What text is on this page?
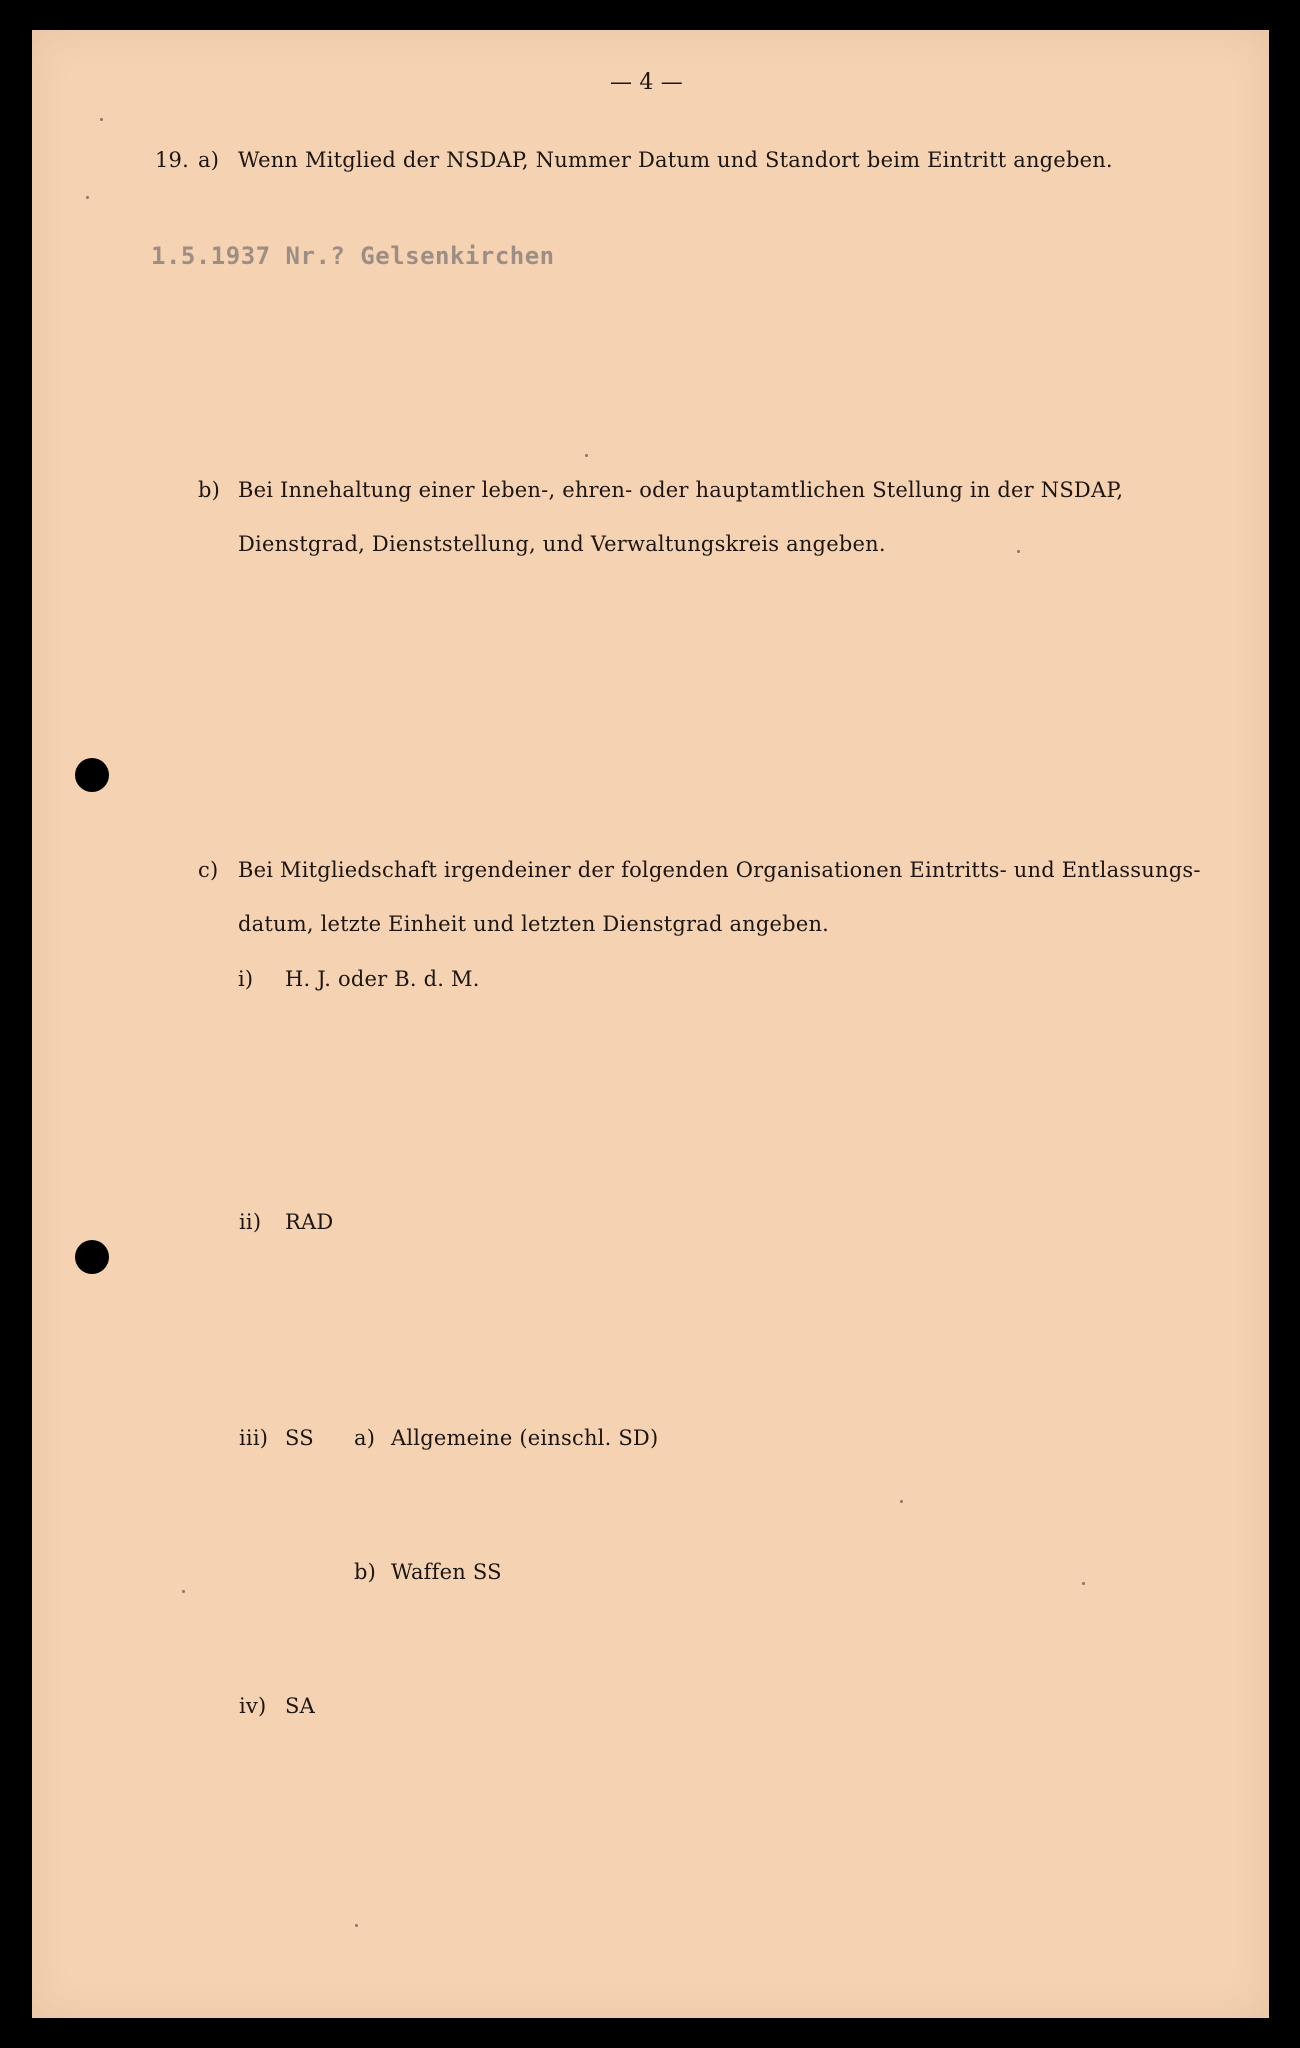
— 4 —
19. a) Wenn Mitglied der NSDAP, Nummer Datum und Standort beim Eintritt angeben.
1.5.1937 Nr.? Gelsenkirchen
b) Bei Innehaltung einer leben-, ehren- oder hauptamtlichen Stellung in der NSDAP,
Dienstgrad, Dienststellung, und Verwaltungskreis angeben.
c) Bei Mitgliedschaft irgendeiner der folgenden Organisationen Eintritts- und Entlassungs-
datum, letzte Einheit und letzten Dienstgrad angeben.
i) H. J. oder B. d. M.
ii) RAD
iii) SS a) Allgemeine (einschl. SD)
b) Waffen SS
iv) SA
